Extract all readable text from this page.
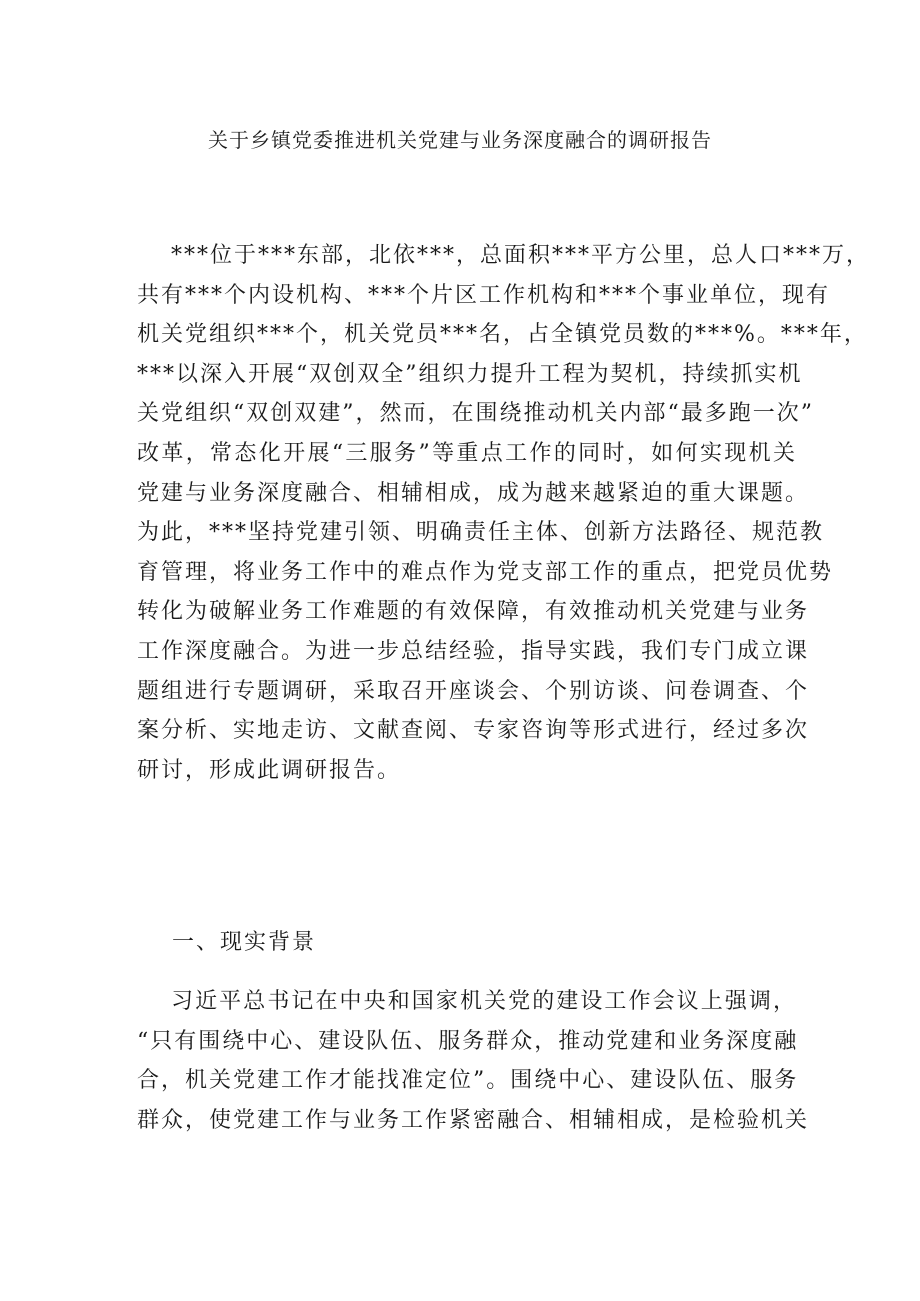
关于乡镇党委推进机关党建与业务深度融合的调研报告
***位于***东部，北依***，总面积***平方公里，总人口***万，
共有***个内设机构、***个片区工作机构和***个事业单位，现有
机关党组织***个，机关党员***名，占全镇党员数的***%。***年，
***以深入开展“双创双全”组织力提升工程为契机，持续抓实机
关党组织“双创双建”，然而，在围绕推动机关内部“最多跑一次”
改革，常态化开展“三服务”等重点工作的同时，如何实现机关
党建与业务深度融合、相辅相成，成为越来越紧迫的重大课题。
为此，***坚持党建引领、明确责任主体、创新方法路径、规范教
育管理，将业务工作中的难点作为党支部工作的重点，把党员优势
转化为破解业务工作难题的有效保障，有效推动机关党建与业务
工作深度融合。为进一步总结经验，指导实践，我们专门成立课
题组进行专题调研，采取召开座谈会、个别访谈、问卷调查、个
案分析、实地走访、文献查阅、专家咨询等形式进行，经过多次
研讨，形成此调研报告。
一、现实背景
习近平总书记在中央和国家机关党的建设工作会议上强调，
“只有围绕中心、建设队伍、服务群众，推动党建和业务深度融
合，机关党建工作才能找准定位”。围绕中心、建设队伍、服务
群众，使党建工作与业务工作紧密融合、相辅相成，是检验机关
